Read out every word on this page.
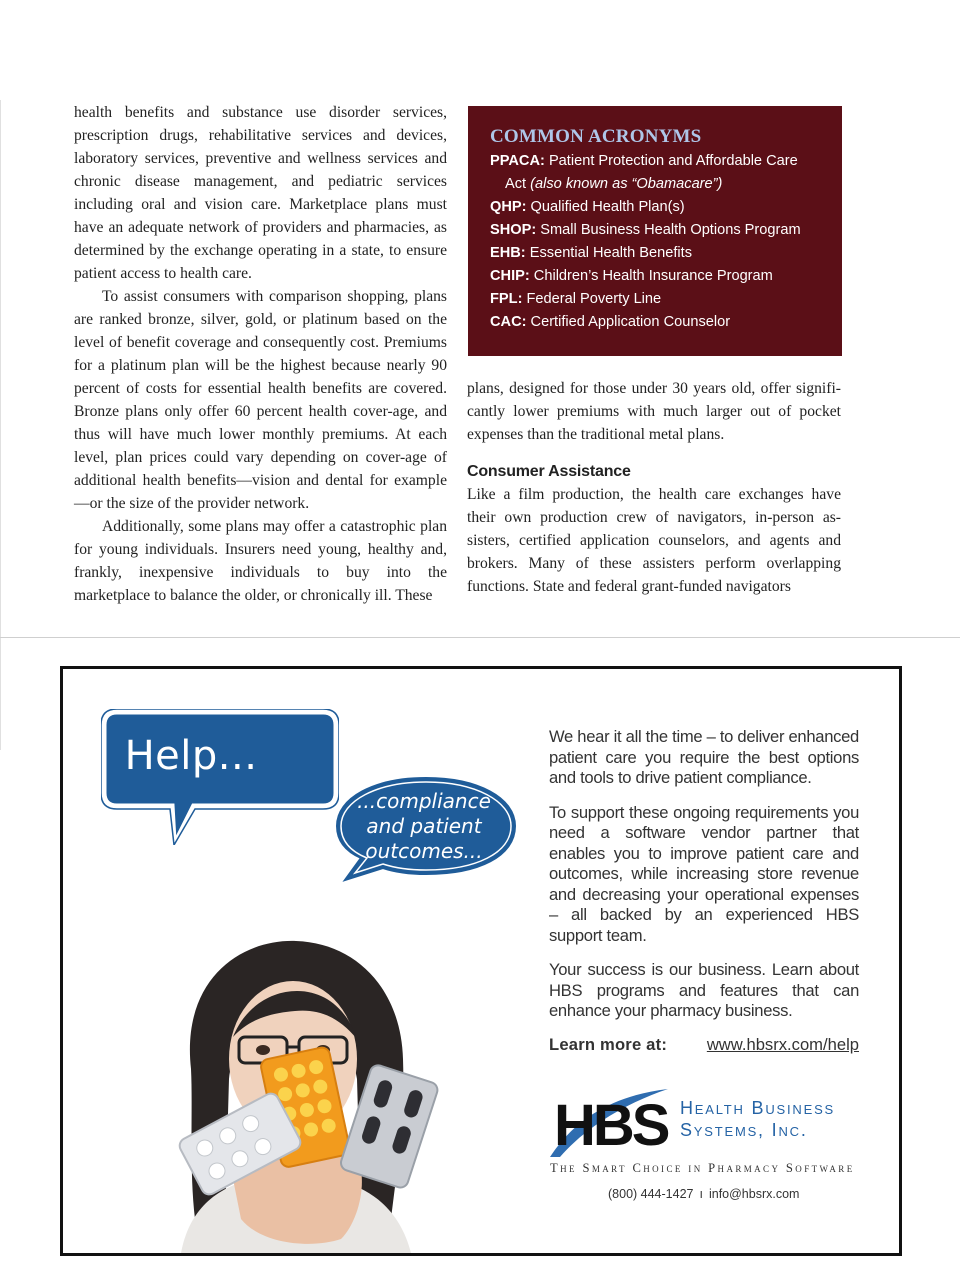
health benefits and substance use disorder services, prescription drugs, rehabilitative services and devices, laboratory services, preventive and wellness services and chronic disease management, and pediatric services including oral and vision care. Marketplace plans must have an adequate network of providers and pharmacies, as determined by the exchange operating in a state, to ensure patient access to health care.

To assist consumers with comparison shopping, plans are ranked bronze, silver, gold, or platinum based on the level of benefit coverage and consequently cost. Premiums for a platinum plan will be the highest because nearly 90 percent of costs for essential health benefits are covered. Bronze plans only offer 60 percent health cover-age, and thus will have much lower monthly premiums. At each level, plan prices could vary depending on cover-age of additional health benefits—vision and dental for example—or the size of the provider network.

Additionally, some plans may offer a catastrophic plan for young individuals. Insurers need young, healthy and, frankly, inexpensive individuals to buy into the marketplace to balance the older, or chronically ill. These

COMMON ACRONYMS

PPACA: Patient Protection and Affordable Care
Act (also known as “Obamacare”)

QHP: Qualified Health Plan(s)

SHOP: Small Business Health Options Program

EHB: Essential Health Benefits

CHIP: Children’s Health Insurance Program

FPL: Federal Poverty Line

CAC: Certified Application Counselor

plans, designed for those under 30 years old, offer signifi-cantly lower premiums with much larger out of pocket expenses than the traditional metal plans.

Consumer Assistance

Like a film production, the health care exchanges have their own production crew of navigators, in-person as-sisters, certified application counselors, and agents and brokers. Many of these assisters perform overlapping functions. State and federal grant-funded navigators

Help...
...compliance
and patient
outcomes...

We hear it all the time – to deliver enhanced patient care you require the best options and tools to drive patient compliance.

To support these ongoing requirements you need a software vendor partner that enables you to improve patient care and outcomes, while increasing store revenue and decreasing your operational expenses – all backed by an experienced HBS support team.

Your success is our business. Learn about HBS programs and features that can enhance your pharmacy business.

Learn more at: www.hbsrx.com/help
HBS Health Business
Systems, Inc.
The Smart Choice in Pharmacy Software
(800) 444-1427 ı info@hbsrx.com
